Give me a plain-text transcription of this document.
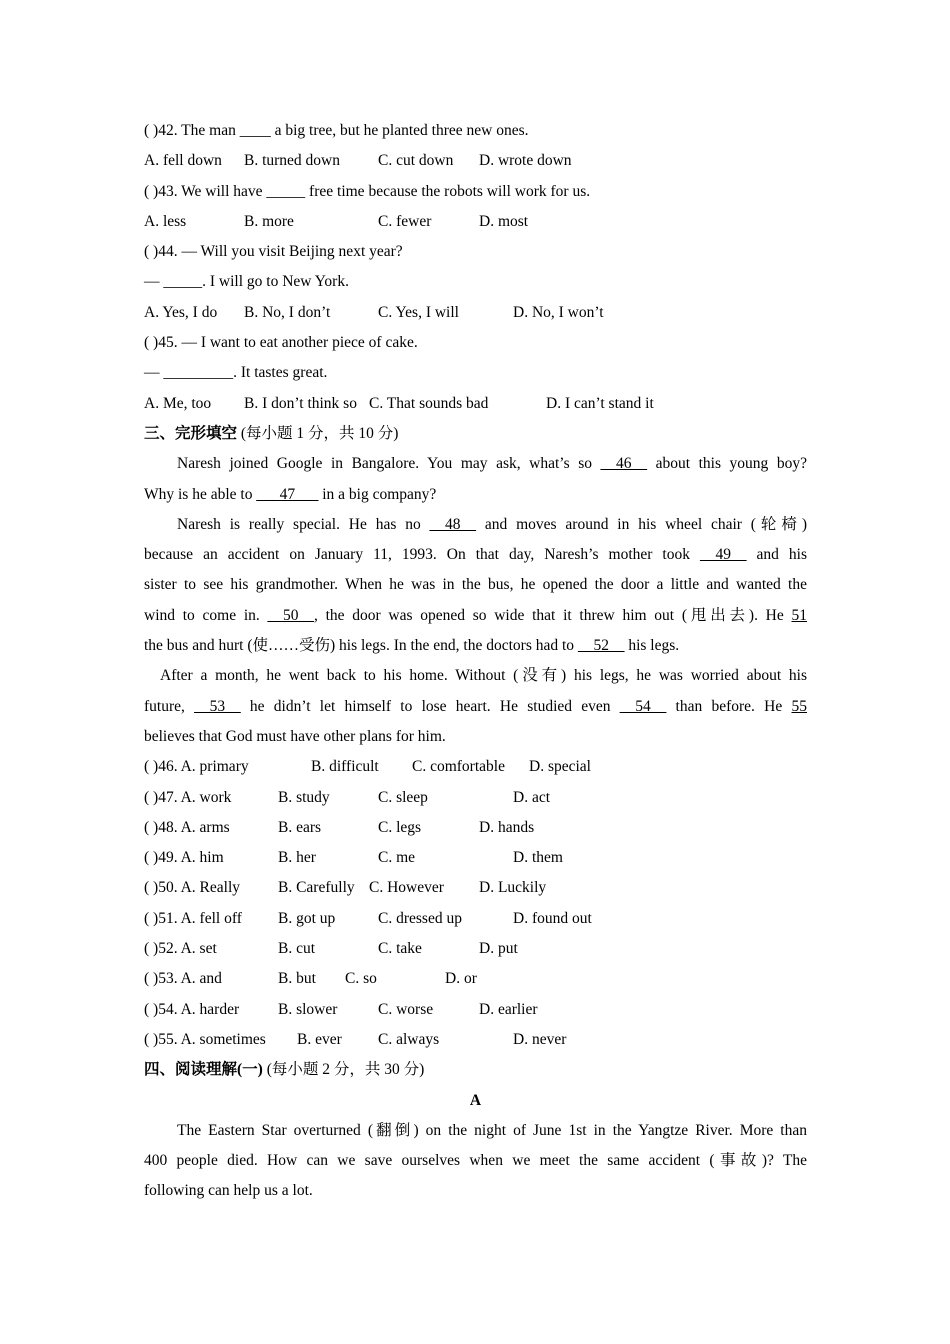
( )42. The man ____ a big tree, but he planted three new ones.
A. fell down B. turned down C. cut down D. wrote down
( )43. We will have _____ free time because the robots will work for us.
A. less	B. more	C. fewer	D. most
( )44. — Will you visit Beijing next year?
— _____. I will go to New York.
A. Yes, I do B. No, I don’t	C. Yes, I will	D. No, I won’t
( )45. — I want to eat another piece of cake.
— _________. It tastes great.
A. Me, too B. I don’t think so C. That sounds bad	D. I can’t stand it
三、完形填空 (每小题 1 分，共 10 分)
Naresh joined Google in Bangalore. You may ask, what’s so __46__ about this young boy?
Why is he able to ___47___ in a big company?
Naresh is really special. He has no __48__ and moves around in his wheel chair (轮椅)
because an accident on January 11, 1993. On that day, Naresh’s mother took __49__ and his
sister to see his grandmother. When he was in the bus, he opened the door a little and wanted the
wind to come in. __50__, the door was opened so wide that it threw him out (甩出去). He 51
the bus and hurt (使……受伤) his legs. In the end, the doctors had to __52__ his legs.
After a month, he went back to his home. Without (没有) his legs, he was worried about his
future, __53__ he didn’t let himself to lose heart. He studied even __54__ than before. He 55
believes that God must have other plans for him.
( )46. A. primary	B. difficult C. comfortable D. special
( )47. A. work	B. study	C. sleep	D. act
( )48. A. arms	B. ears	C. legs	D. hands
( )49. A. him	B. her	C. me	D. them
( )50. A. Really B. Carefully C. However D. Luckily
( )51. A. fell off B. got up	C. dressed up	D. found out
( )52. A. set	B. cut	C. take	D. put
( )53. A. and	B. but C. so	D. or
( )54. A. harder	B. slower	C. worse	D. earlier
( )55. A. sometimes B. ever C. always	D. never
四、阅读理解(一) (每小题 2 分，共 30 分)
A
The Eastern Star overturned (翻倒) on the night of June 1st in the Yangtze River. More than
400 people died. How can we save ourselves when we meet the same accident (事故)? The
following can help us a lot.
